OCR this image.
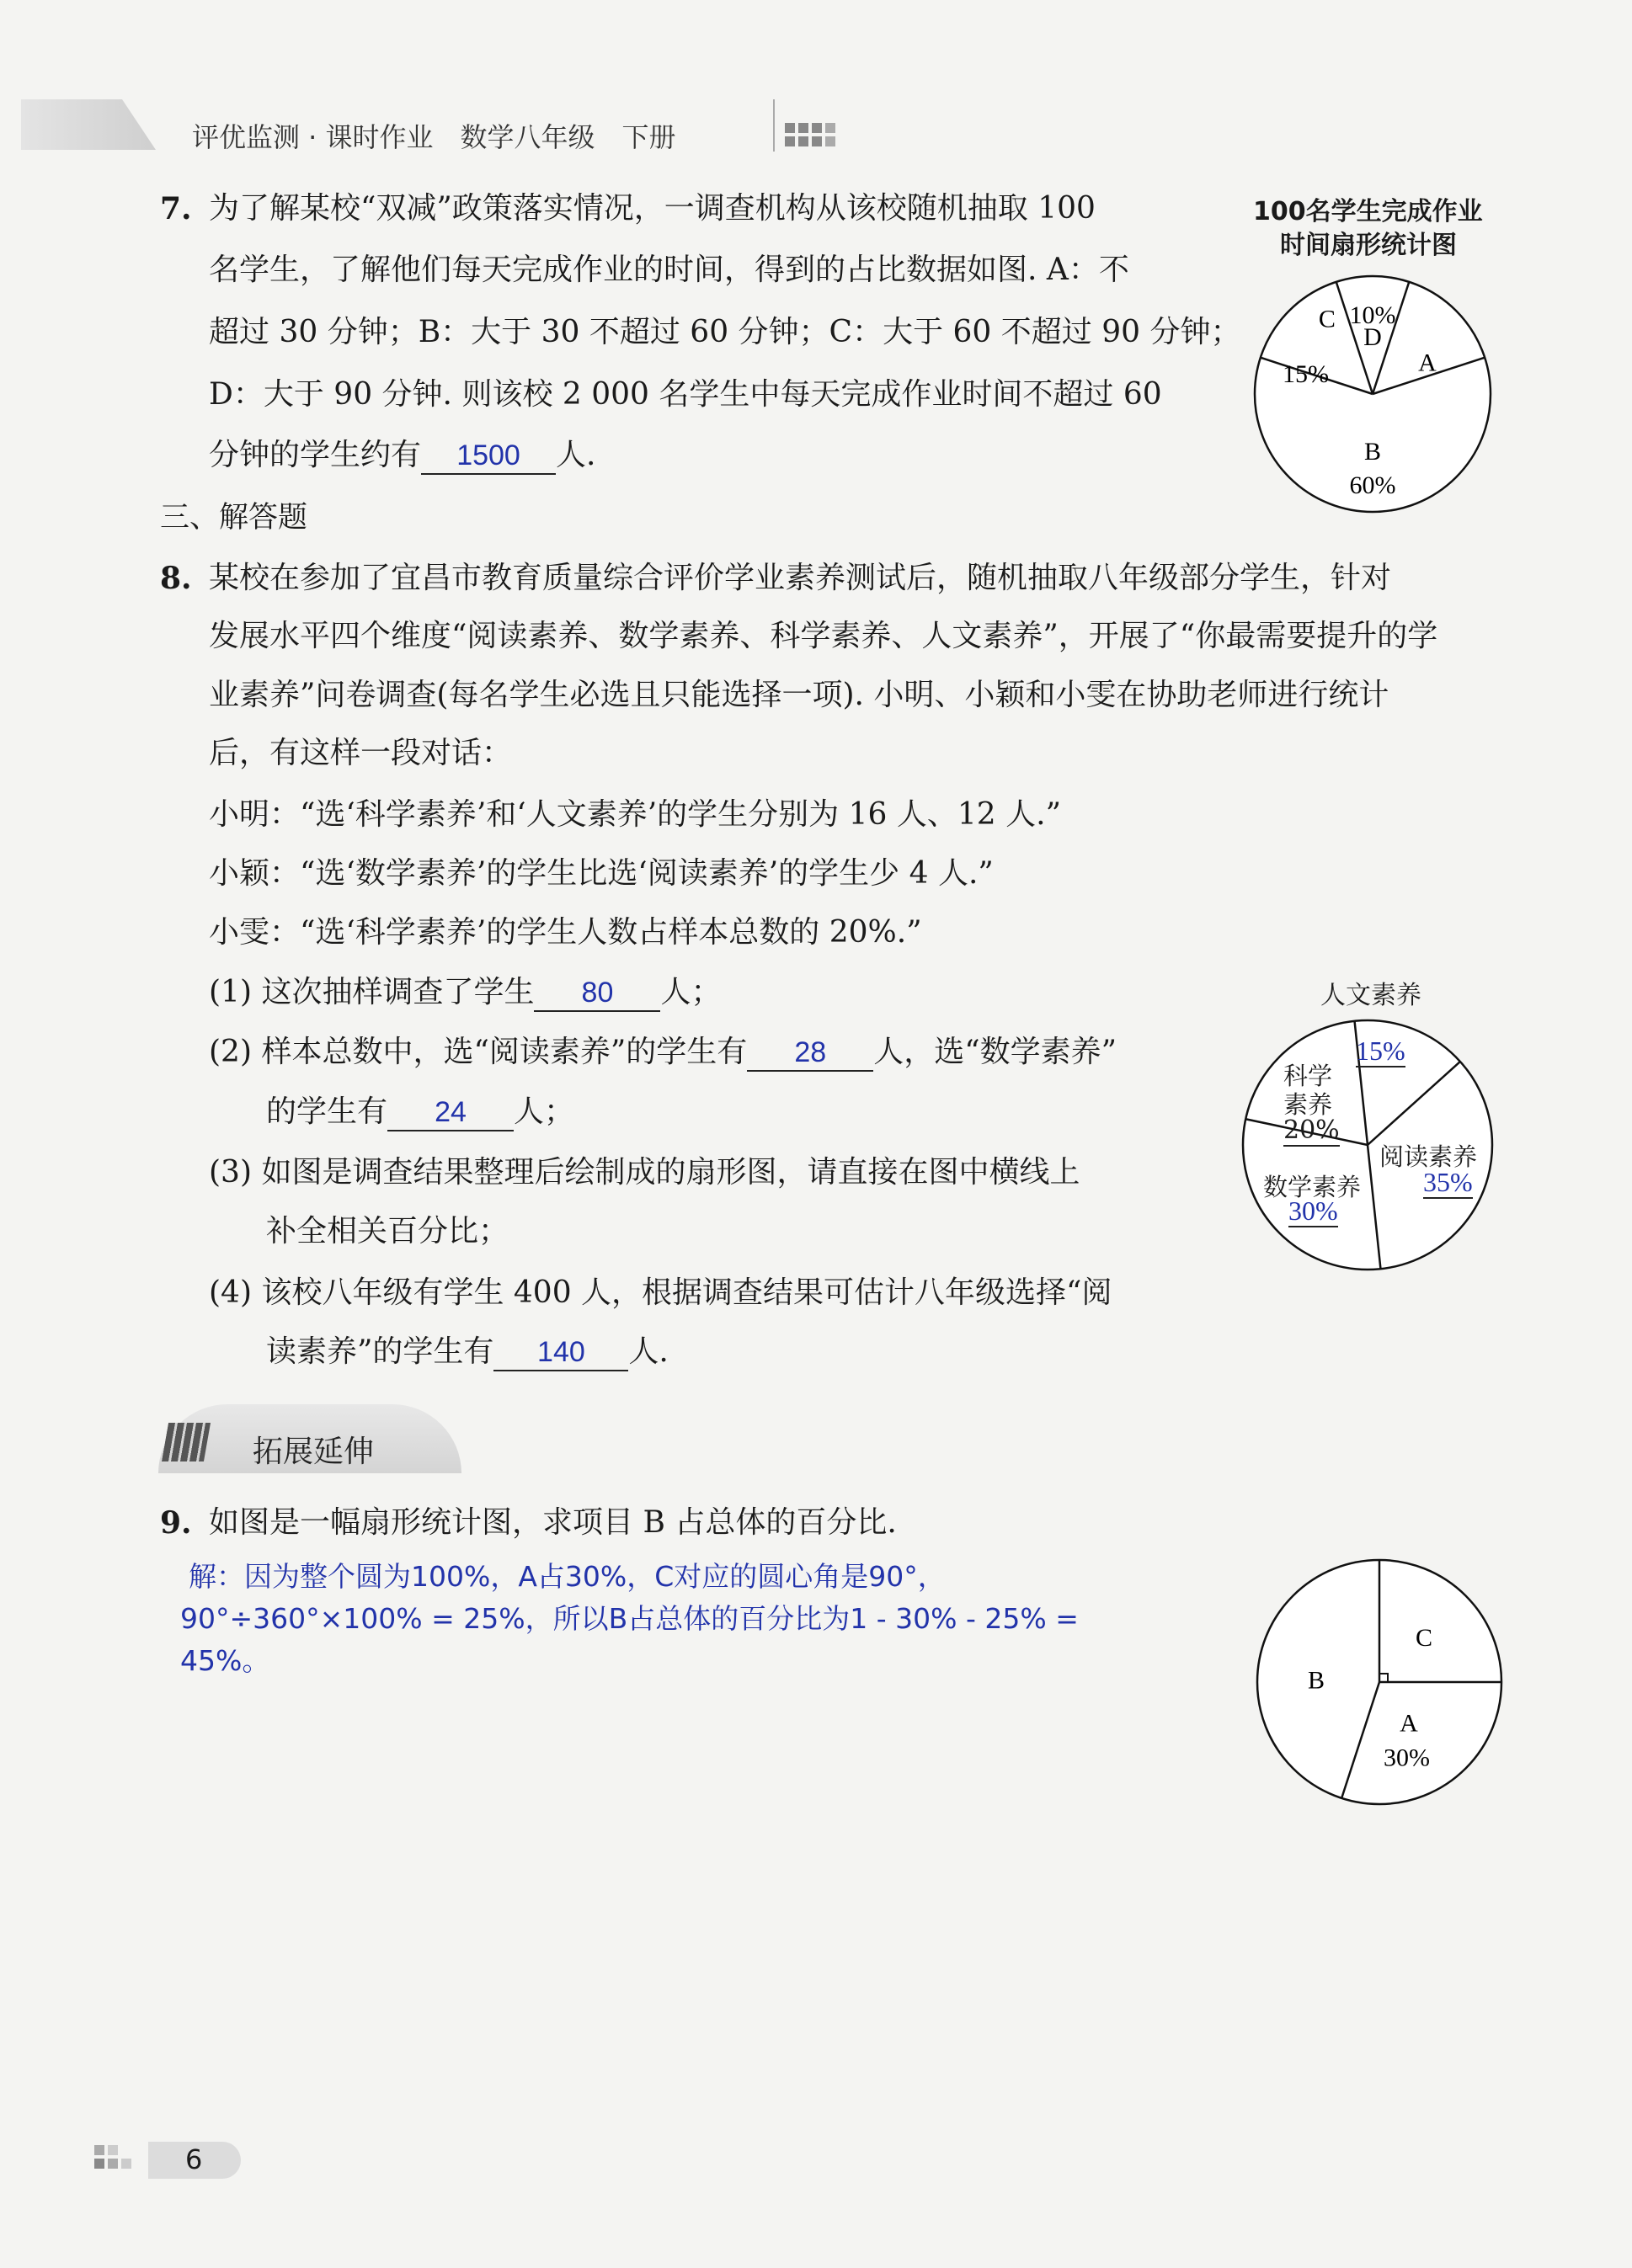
评优监测 · 课时作业　数学八年级　下册
7. 为了解某校“双减”政策落实情况，一调查机构从该校随机抽取 100
名学生，了解他们每天完成作业的时间，得到的占比数据如图. A：不
超过 30 分钟；B：大于 30 不超过 60 分钟；C：大于 60 不超过 90 分钟；
D：大于 90 分钟. 则该校 2 000 名学生中每天完成作业时间不超过 60
分钟的学生约有 1500 人.
100名学生完成作业
时间扇形统计图
A
B
60%
C
15%
D
10%
三、解答题
8. 某校在参加了宜昌市教育质量综合评价学业素养测试后，随机抽取八年级部分学生，针对
发展水平四个维度“阅读素养、数学素养、科学素养、人文素养”，开展了“你最需要提升的学
业素养”问卷调查(每名学生必选且只能选择一项). 小明、小颖和小雯在协助老师进行统计
后，有这样一段对话：
小明：“选‘科学素养’和‘人文素养’的学生分别为 16 人、12 人.”
小颖：“选‘数学素养’的学生比选‘阅读素养’的学生少 4 人.”
小雯：“选‘科学素养’的学生人数占样本总数的 20%.”
(1) 这次抽样调查了学生 80 人；
(2) 样本总数中，选“阅读素养”的学生有 28 人，选“数学素养”
的学生有 24 人；
(3) 如图是调查结果整理后绘制成的扇形图，请直接在图中横线上
补全相关百分比；
(4) 该校八年级有学生 400 人，根据调查结果可估计八年级选择“阅
读素养”的学生有 140 人.
人文素养
15%
科学
素养
20%
阅读素养
35%
数学素养
30%
拓展延伸
9. 如图是一幅扇形统计图，求项目 B 占总体的百分比.
解：因为整个圆为100%，A占30%，C对应的圆心角是90°，
90°÷360°×100% = 25%，所以B占总体的百分比为1 - 30% - 25% =
45%。
A
30%
B
C
6
